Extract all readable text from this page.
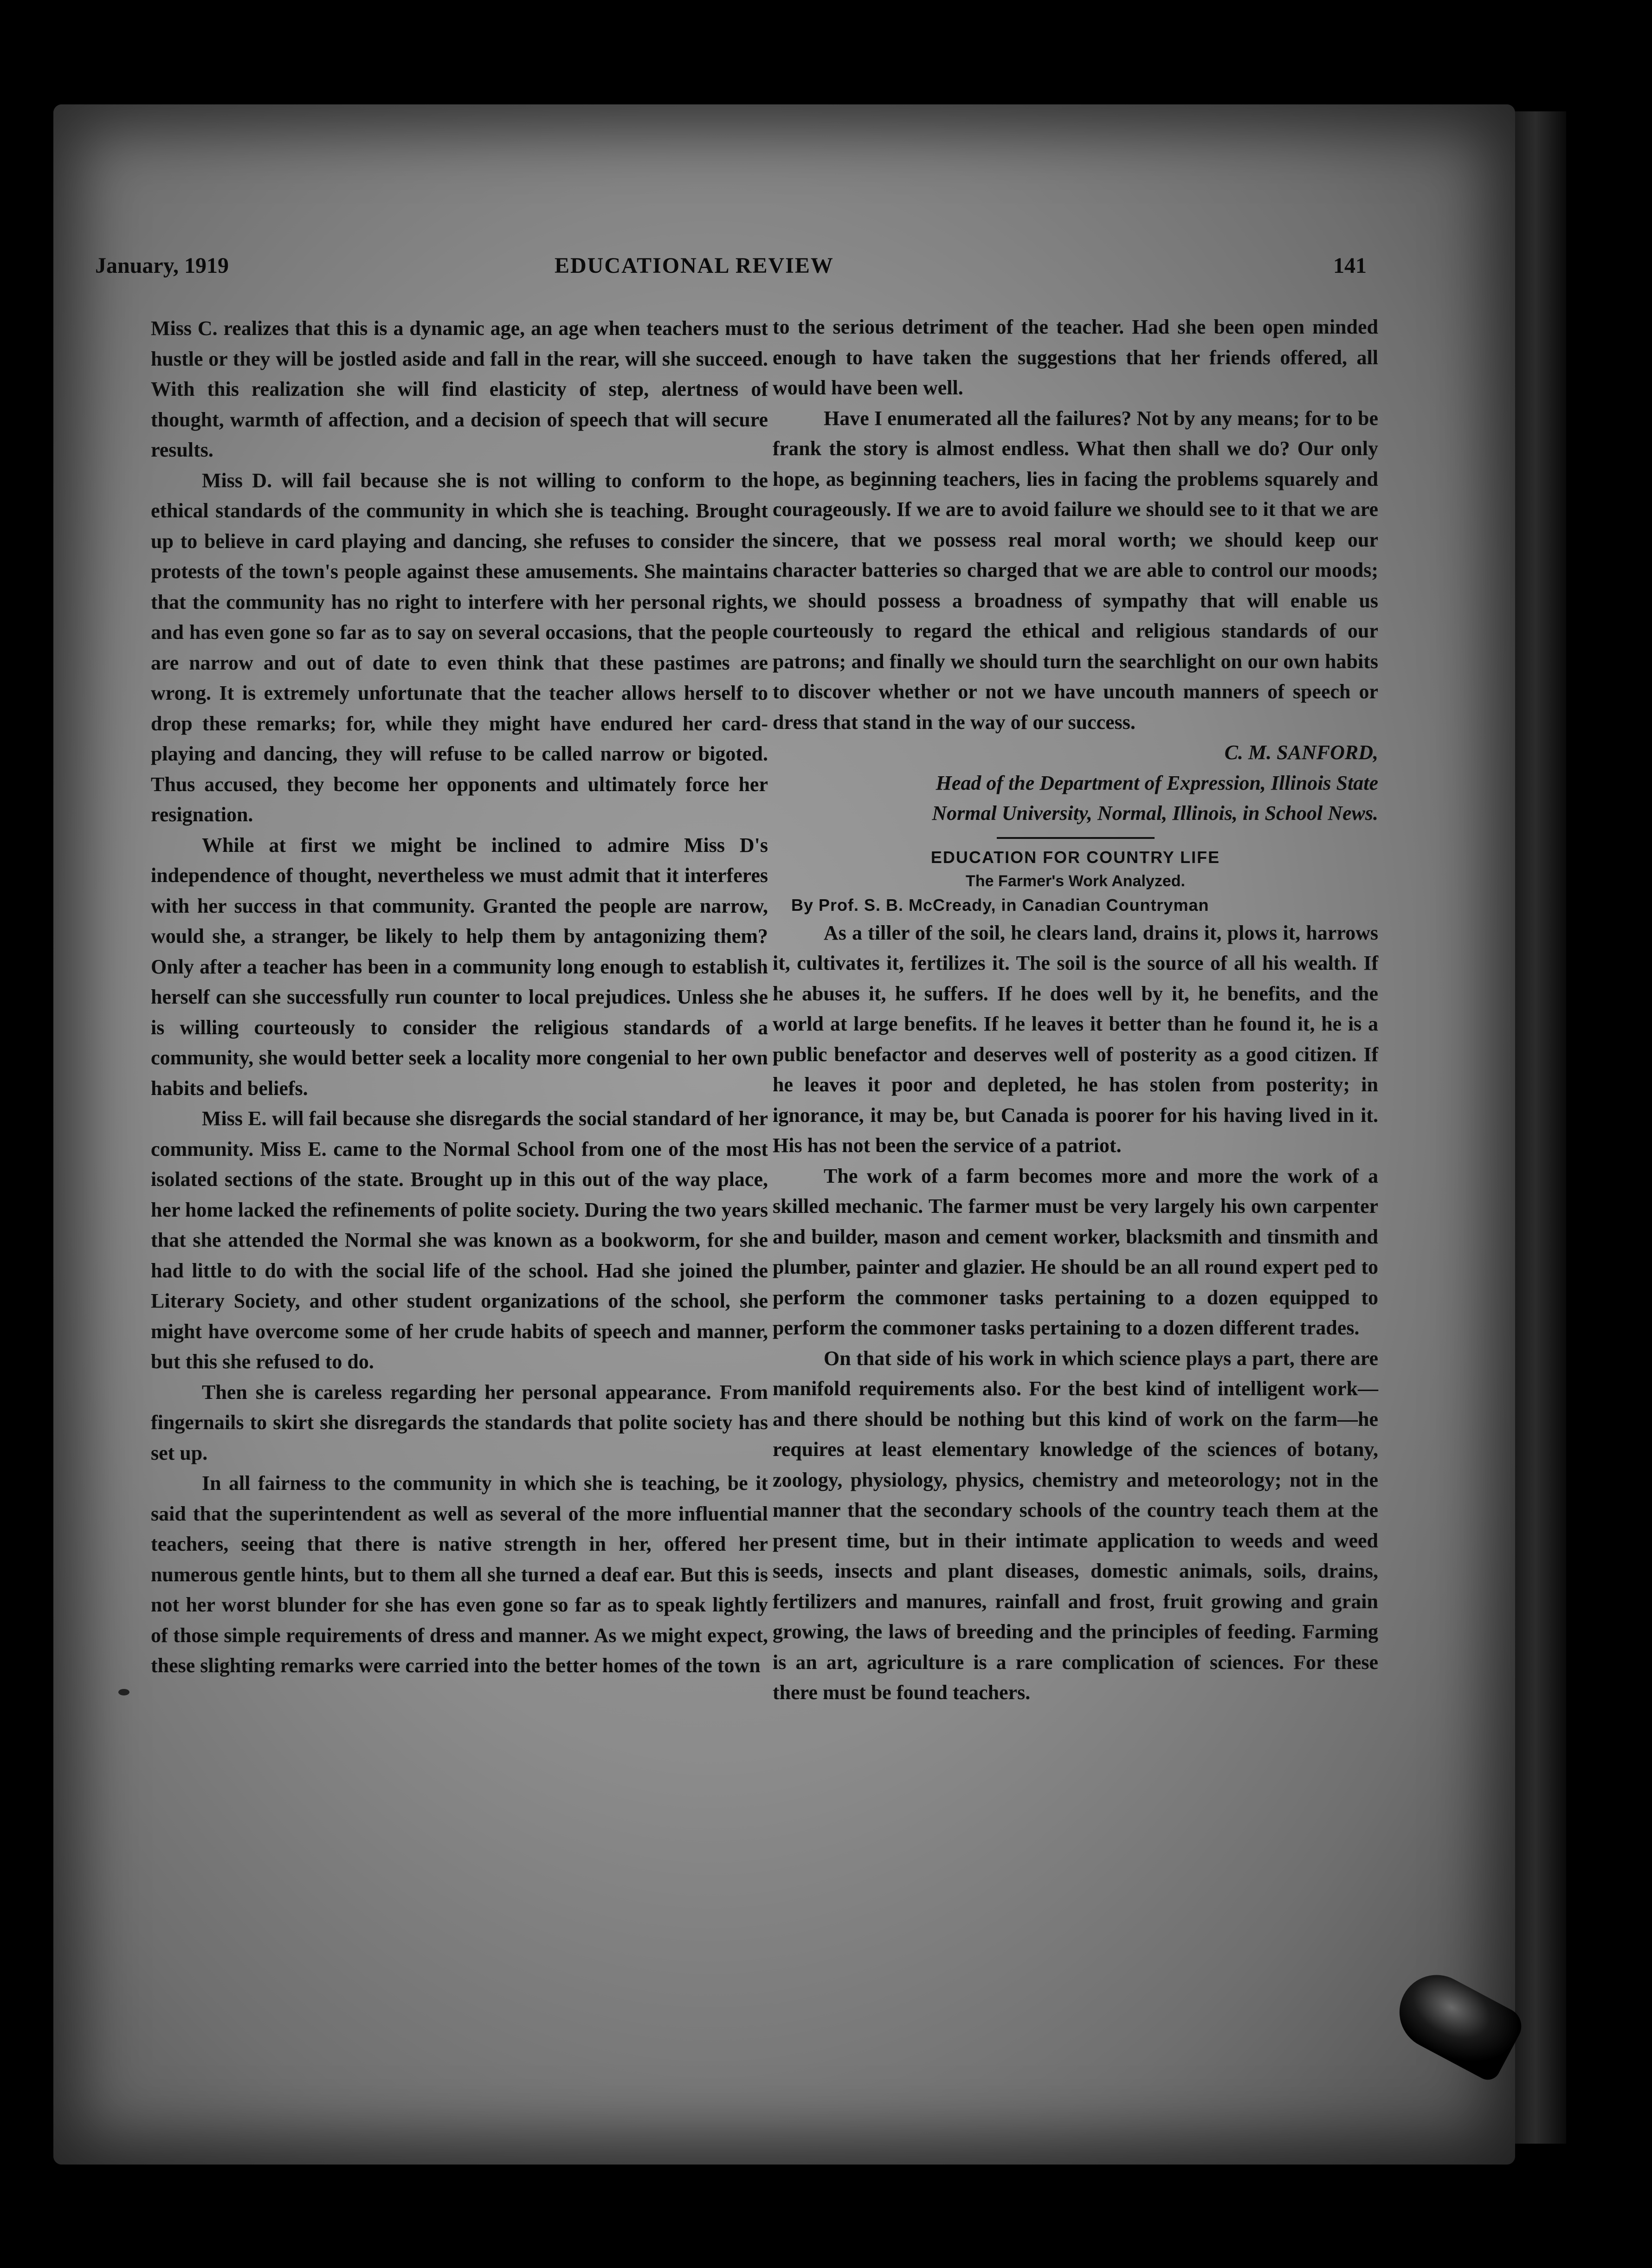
January, 1919	EDUCATIONAL REVIEW	141

Miss C. realizes that this is a dynamic age, an age when teachers must hustle or they will be jostled aside and fall in the rear, will she succeed. With this realization she will find elasticity of step, alertness of thought, warmth of affection, and a decision of speech that will secure results.

Miss D. will fail because she is not willing to conform to the ethical standards of the community in which she is teaching. Brought up to believe in card playing and dancing, she refuses to consider the protests of the town's people against these amusements. She maintains that the community has no right to interfere with her personal rights, and has even gone so far as to say on several occasions, that the people are narrow and out of date to even think that these pastimes are wrong. It is extremely unfortunate that the teacher allows herself to drop these remarks; for, while they might have endured her card-playing and dancing, they will refuse to be called narrow or bigoted. Thus accused, they become her opponents and ultimately force her resignation.

While at first we might be inclined to admire Miss D's independence of thought, nevertheless we must admit that it interferes with her success in that community. Granted the people are narrow, would she, a stranger, be likely to help them by antagonizing them? Only after a teacher has been in a community long enough to establish herself can she successfully run counter to local prejudices. Unless she is willing courteously to consider the religious standards of a community, she would better seek a locality more congenial to her own habits and beliefs.

Miss E. will fail because she disregards the social standard of her community. Miss E. came to the Normal School from one of the most isolated sections of the state. Brought up in this out of the way place, her home lacked the refinements of polite society. During the two years that she attended the Normal she was known as a bookworm, for she had little to do with the social life of the school. Had she joined the Literary Society, and other student organizations of the school, she might have overcome some of her crude habits of speech and manner, but this she refused to do.

Then she is careless regarding her personal appearance. From fingernails to skirt she disregards the standards that polite society has set up.

In all fairness to the community in which she is teaching, be it said that the superintendent as well as several of the more influential teachers, seeing that there is native strength in her, offered her numerous gentle hints, but to them all she turned a deaf ear. But this is not her worst blunder for she has even gone so far as to speak lightly of those simple requirements of dress and manner. As we might expect, these slighting remarks were carried into the better homes of the town

to the serious detriment of the teacher. Had she been open minded enough to have taken the suggestions that her friends offered, all would have been well.

Have I enumerated all the failures? Not by any means; for to be frank the story is almost endless. What then shall we do? Our only hope, as beginning teachers, lies in facing the problems squarely and courageously. If we are to avoid failure we should see to it that we are sincere, that we possess real moral worth; we should keep our character batteries so charged that we are able to control our moods; we should possess a broadness of sympathy that will enable us courteously to regard the ethical and religious standards of our patrons; and finally we should turn the searchlight on our own habits to discover whether or not we have uncouth manners of speech or dress that stand in the way of our success.

C. M. SANFORD,

Head of the Department of Expression, Illinois State

Normal University, Normal, Illinois, in School News.

EDUCATION FOR COUNTRY LIFE
The Farmer's Work Analyzed.
By Prof. S. B. McCready, in Canadian Countryman

As a tiller of the soil, he clears land, drains it, plows it, harrows it, cultivates it, fertilizes it. The soil is the source of all his wealth. If he abuses it, he suffers. If he does well by it, he benefits, and the world at large benefits. If he leaves it better than he found it, he is a public benefactor and deserves well of posterity as a good citizen. If he leaves it poor and depleted, he has stolen from posterity; in ignorance, it may be, but Canada is poorer for his having lived in it. His has not been the service of a patriot.

The work of a farm becomes more and more the work of a skilled mechanic. The farmer must be very largely his own carpenter and builder, mason and cement worker, blacksmith and tinsmith and plumber, painter and glazier. He should be an all round expert ped to perform the commoner tasks pertaining to a dozen equipped to perform the commoner tasks pertaining to a dozen different trades.

On that side of his work in which science plays a part, there are manifold requirements also. For the best kind of intelligent work—and there should be nothing but this kind of work on the farm—he requires at least elementary knowledge of the sciences of botany, zoology, physiology, physics, chemistry and meteorology; not in the manner that the secondary schools of the country teach them at the present time, but in their intimate application to weeds and weed seeds, insects and plant diseases, domestic animals, soils, drains, fertilizers and manures, rainfall and frost, fruit growing and grain growing, the laws of breeding and the principles of feeding. Farming is an art, agriculture is a rare complication of sciences. For these there must be found teachers.
